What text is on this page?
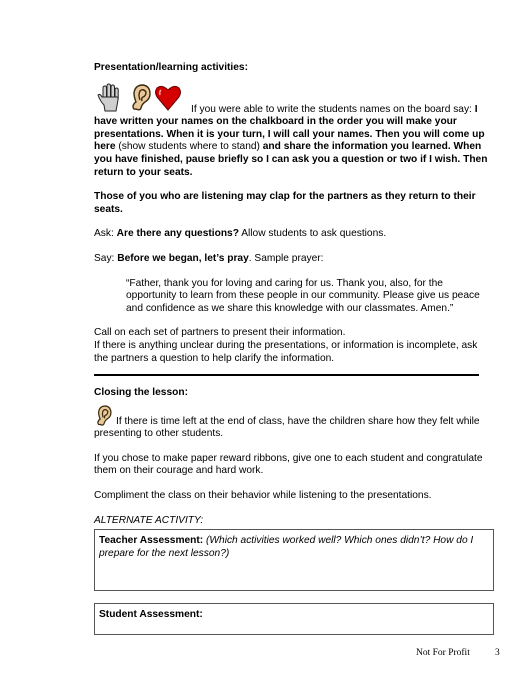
Presentation/learning activities:

If you were able to write the students names on the board say: I have written your names on the chalkboard in the order you will make your presentations. When it is your turn, I will call your names. Then you will come up here (show students where to stand) and share the information you learned. When you have finished, pause briefly so I can ask you a question or two if I wish. Then return to your seats.

Those of you who are listening may clap for the partners as they return to their seats.

Ask: Are there any questions? Allow students to ask questions.

Say: Before we began, let’s pray. Sample prayer:

“Father, thank you for loving and caring for us. Thank you, also, for the opportunity to learn from these people in our community. Please give us peace and confidence as we share this knowledge with our classmates. Amen.”

Call on each set of partners to present their information.

If there is anything unclear during the presentations, or information is incomplete, ask the partners a question to help clarify the information.

Closing the lesson:

If there is time left at the end of class, have the children share how they felt while presenting to other students.

If you chose to make paper reward ribbons, give one to each student and congratulate them on their courage and hard work.

Compliment the class on their behavior while listening to the presentations.

ALTERNATE ACTIVITY:

Teacher Assessment: (Which activities worked well? Which ones didn’t? How do I prepare for the next lesson?)
Student Assessment:
Not For Profit	3
